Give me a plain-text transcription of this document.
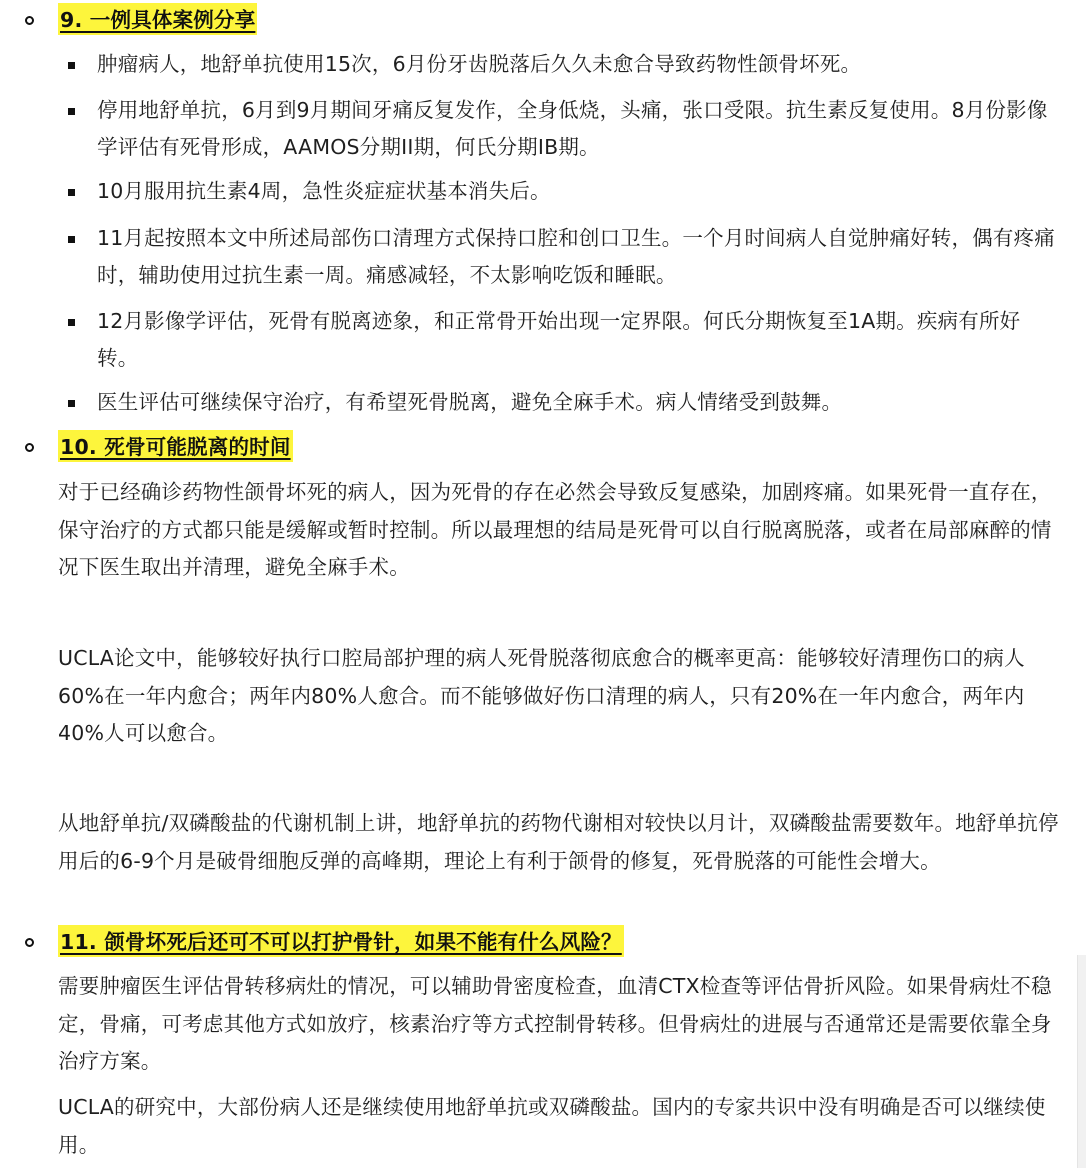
9. 一例具体案例分享

肿瘤病人，地舒单抗使用15次，6月份牙齿脱落后久久未愈合导致药物性颌骨坏死。

停用地舒单抗，6月到9月期间牙痛反复发作，全身低烧，头痛，张口受限。抗生素反复使用。8月份影像学评估有死骨形成，AAMOS分期II期，何氏分期IB期。

10月服用抗生素4周，急性炎症症状基本消失后。

11月起按照本文中所述局部伤口清理方式保持口腔和创口卫生。一个月时间病人自觉肿痛好转，偶有疼痛时，辅助使用过抗生素一周。痛感减轻，不太影响吃饭和睡眠。

12月影像学评估，死骨有脱离迹象，和正常骨开始出现一定界限。何氏分期恢复至1A期。疾病有所好转。

医生评估可继续保守治疗，有希望死骨脱离，避免全麻手术。病人情绪受到鼓舞。

10. 死骨可能脱离的时间

对于已经确诊药物性颌骨坏死的病人，因为死骨的存在必然会导致反复感染，加剧疼痛。如果死骨一直存在，保守治疗的方式都只能是缓解或暂时控制。所以最理想的结局是死骨可以自行脱离脱落，或者在局部麻醉的情况下医生取出并清理，避免全麻手术。

UCLA论文中，能够较好执行口腔局部护理的病人死骨脱落彻底愈合的概率更高：能够较好清理伤口的病人60%在一年内愈合；两年内80%人愈合。而不能够做好伤口清理的病人，只有20%在一年内愈合，两年内40%人可以愈合。

从地舒单抗/双磷酸盐的代谢机制上讲，地舒单抗的药物代谢相对较快以月计，双磷酸盐需要数年。地舒单抗停用后的6-9个月是破骨细胞反弹的高峰期，理论上有利于颌骨的修复，死骨脱落的可能性会增大。

11. 颌骨坏死后还可不可以打护骨针，如果不能有什么风险？

需要肿瘤医生评估骨转移病灶的情况，可以辅助骨密度检查，血清CTX检查等评估骨折风险。如果骨病灶不稳定，骨痛，可考虑其他方式如放疗，核素治疗等方式控制骨转移。但骨病灶的进展与否通常还是需要依靠全身治疗方案。

UCLA的研究中，大部份病人还是继续使用地舒单抗或双磷酸盐。国内的专家共识中没有明确是否可以继续使用。
